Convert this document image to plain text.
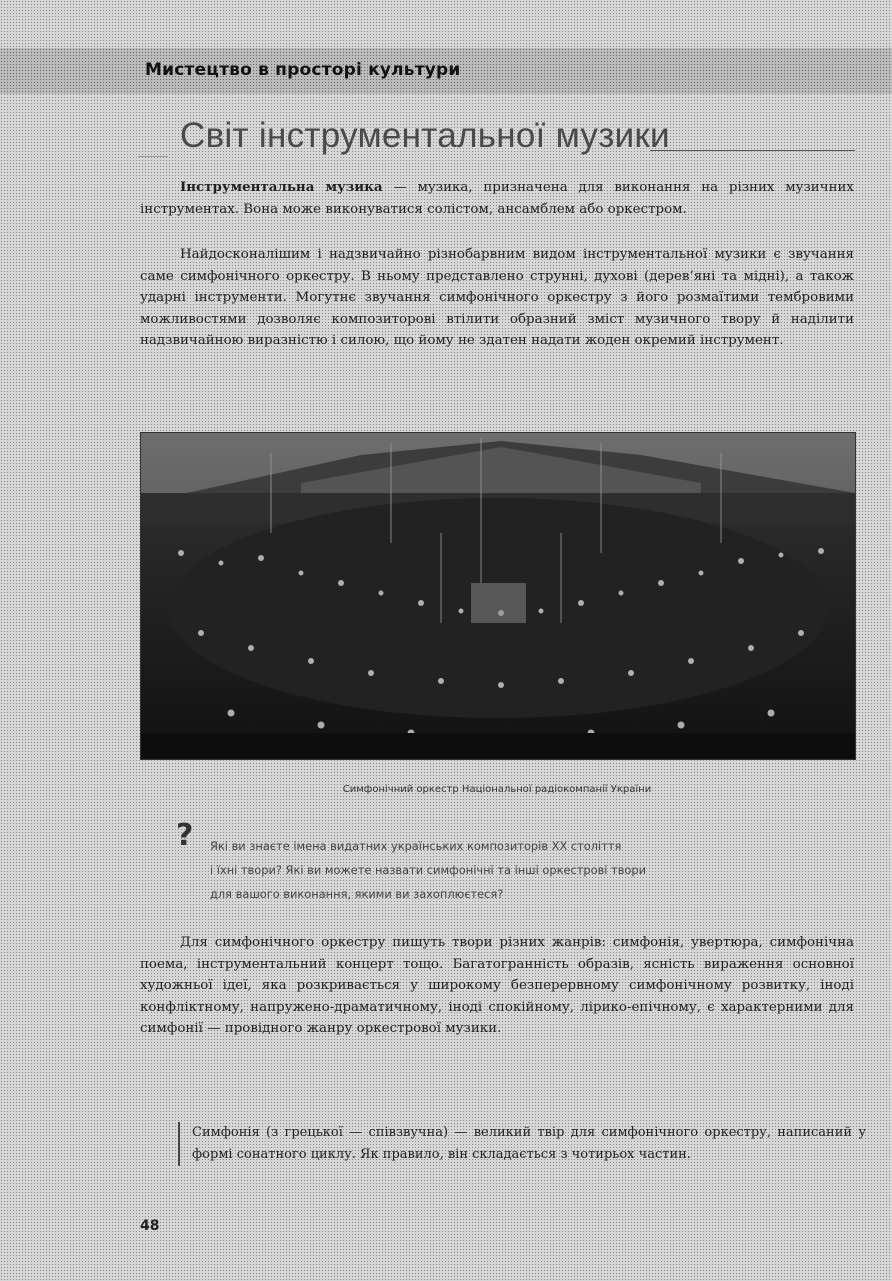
Мистецтво в просторі культури
Світ інструментальної музики

Інструментальна музика — музика, призначена для виконання на різних музичних інструментах. Вона може виконуватися солістом, ансамблем або оркестром.

Найдосконалішим і надзвичайно різнобарвним видом інструментальної музики є звучання саме симфонічного оркестру. В ньому представлено струнні, духові (дерев’яні та мідні), а також ударні інструменти. Могутнє звучання симфонічного оркестру з його розмаїтими тембровими можливостями дозволяє композиторові втілити образний зміст музичного твору й наділити надзвичайною виразністю і силою, що йому не здатен надати жоден окремий інструмент.

Симфонічний оркестр Національної радіокомпанії України
? Які ви знаєте імена видатних українських композиторів XX століття
і їхні твори? Які ви можете назвати симфонічні та інші оркестрові твори
для вашого виконання, якими ви захоплюєтеся?

Для симфонічного оркестру пишуть твори різних жанрів: симфонія, увертюра, симфонічна поема, інструментальний концерт тощо. Багатогранність образів, ясність вираження основної художньої ідеї, яка розкривається у широкому безперервному симфонічному розвитку, іноді конфліктному, напружено-драматичному, іноді спокійному, лірико-епічному, є характерними для симфонії — провідного жанру оркестрової музики.

Симфонія (з грецької — співзвучна) — великий твір для симфонічного оркестру, написаний у формі сонатного циклу. Як правило, він складається з чотирьох частин.

48
